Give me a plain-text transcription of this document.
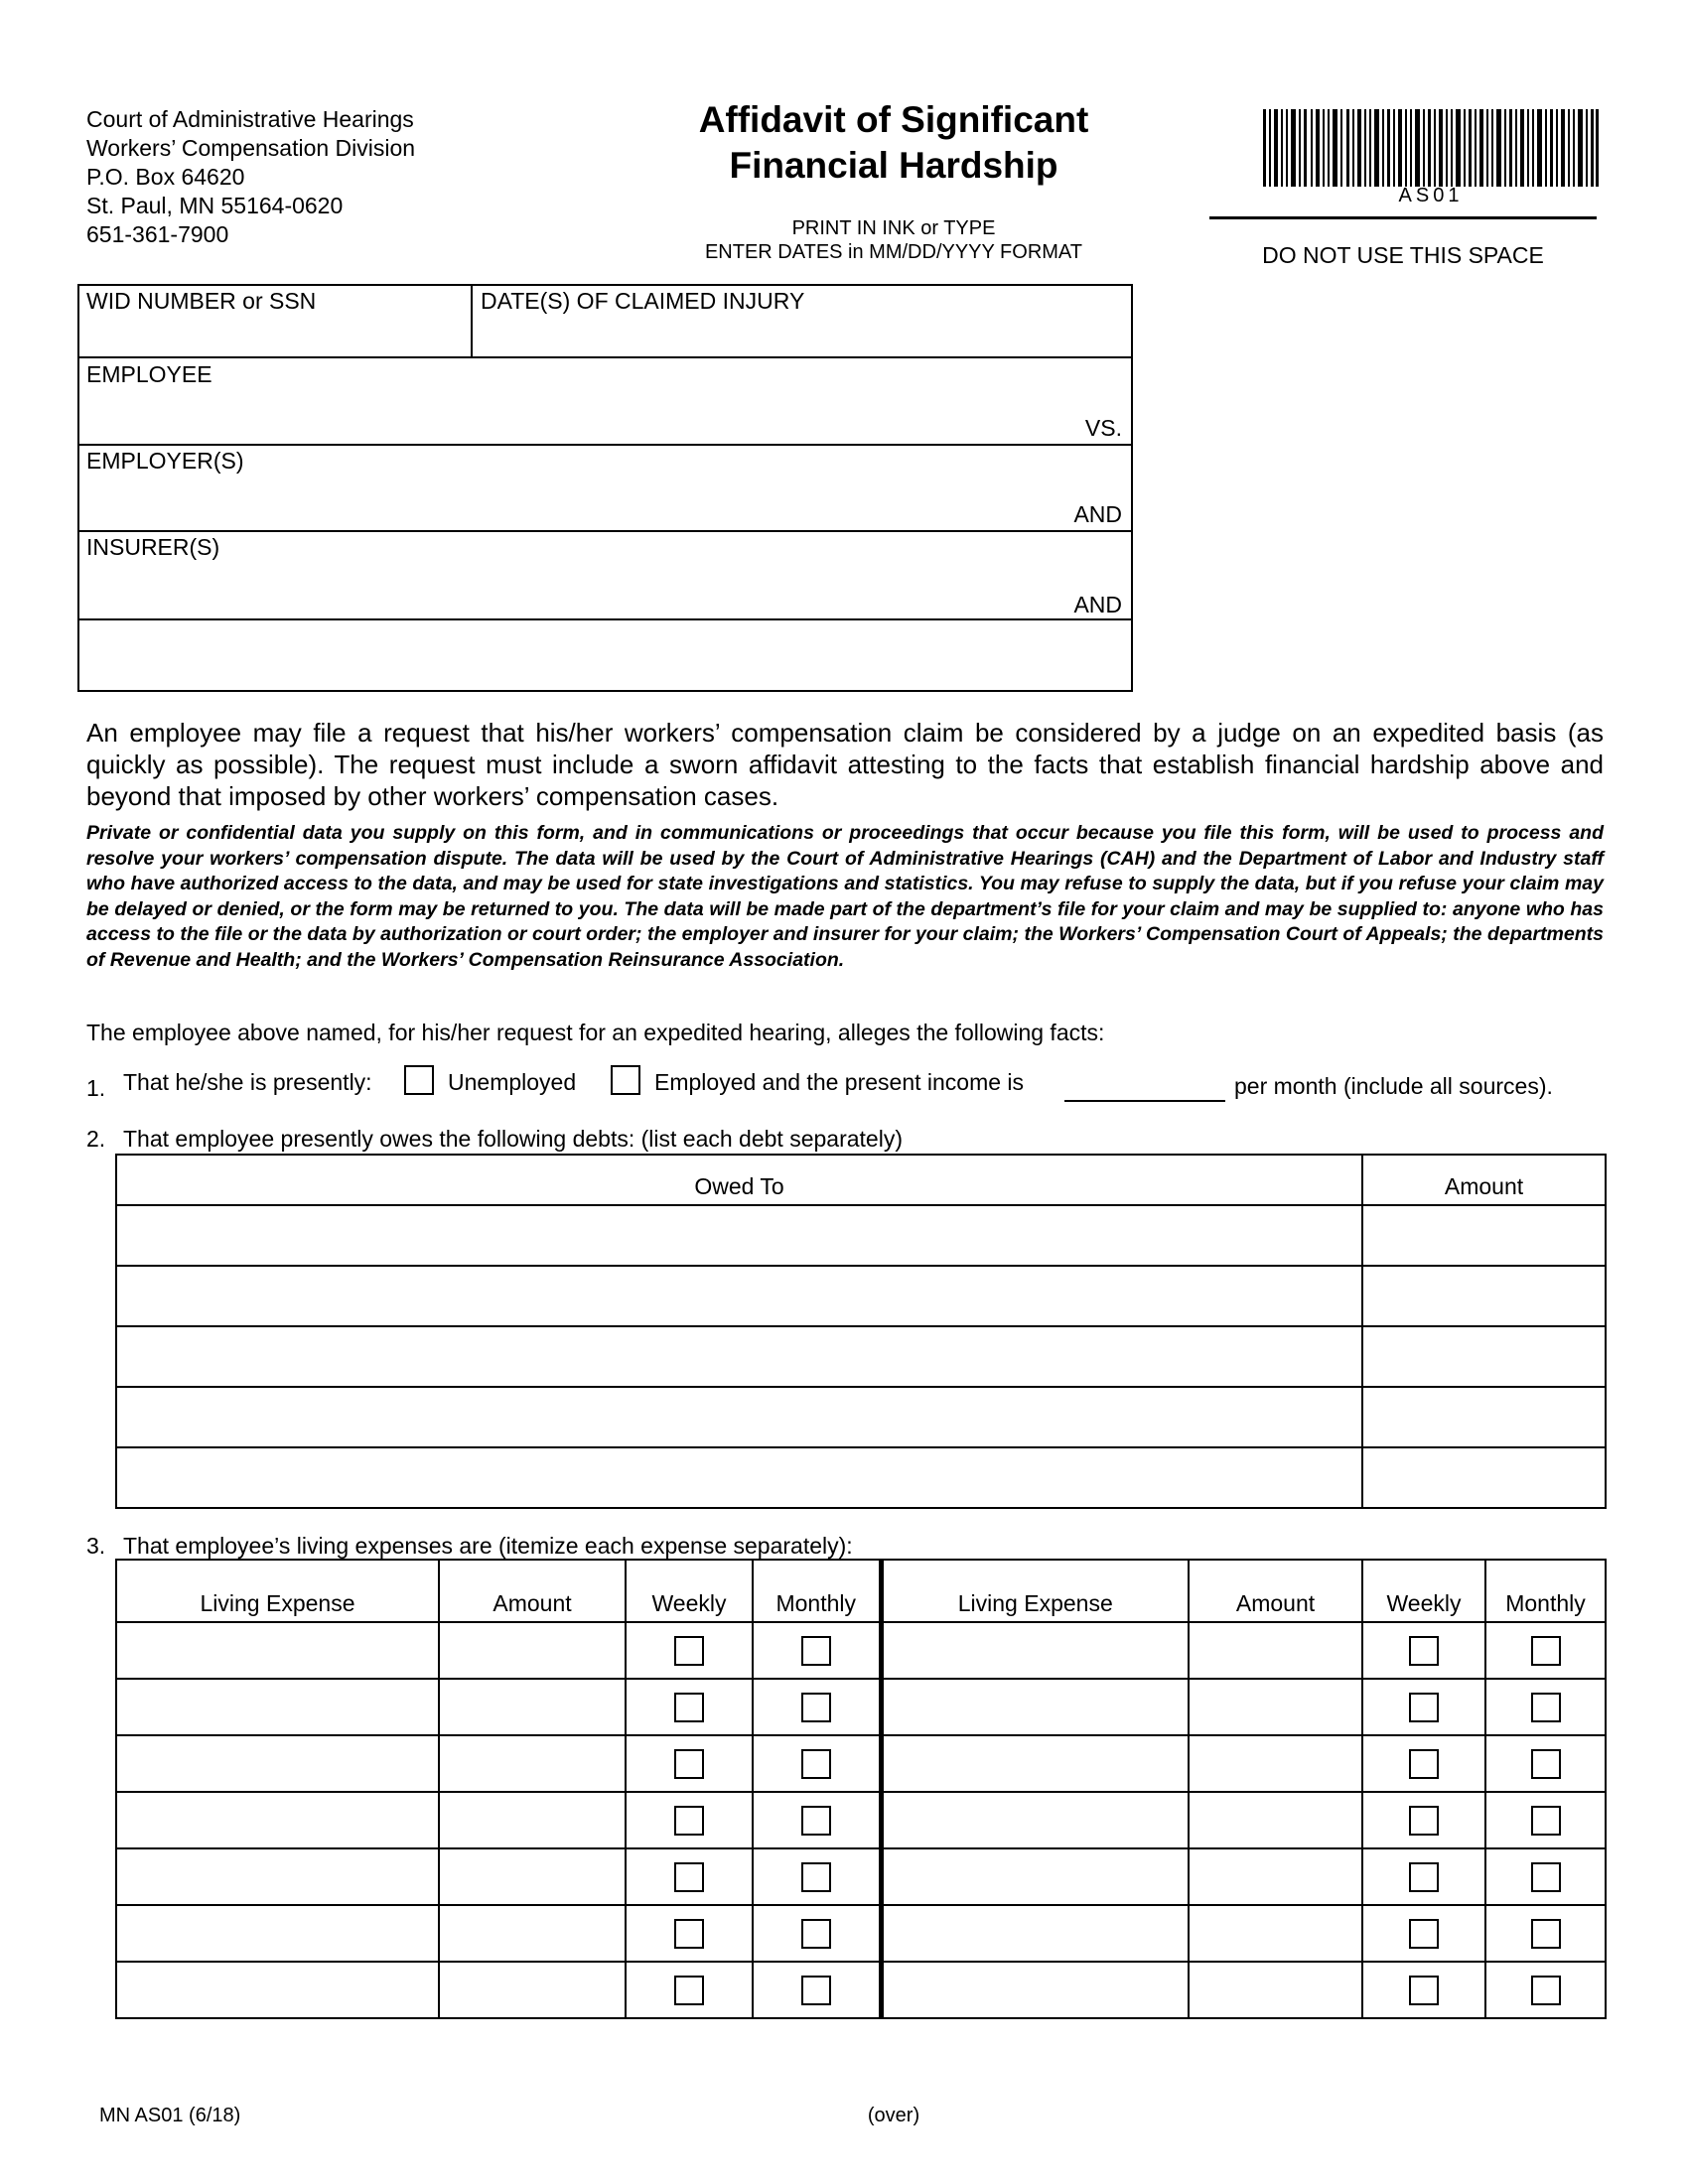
Court of Administrative Hearings
Workers’ Compensation Division
P.O. Box 64620
St. Paul, MN 55164-0620
651-361-7900
Affidavit of Significant
Financial Hardship
PRINT IN INK or TYPE
ENTER DATES in MM/DD/YYYY FORMAT
AS01
DO NOT USE THIS SPACE
WID NUMBER or SSN	DATE(S) OF CLAIMED INJURY
EMPLOYEE
VS.
EMPLOYER(S)
AND
INSURER(S)
AND
An employee may file a request that his/her workers’ compensation claim be considered by a judge on an expedited basis (as quickly as possible). The request must include a sworn affidavit attesting to the facts that establish financial hardship above and beyond that imposed by other workers’ compensation cases.
Private or confidential data you supply on this form, and in communications or proceedings that occur because you file this form, will be used to process and resolve your workers’ compensation dispute. The data will be used by the Court of Administrative Hearings (CAH) and the Department of Labor and Industry staff who have authorized access to the data, and may be used for state investigations and statistics. You may refuse to supply the data, but if you refuse your claim may be delayed or denied, or the form may be returned to you. The data will be made part of the department’s file for your claim and may be supplied to: anyone who has access to the file or the data by authorization or court order; the employer and insurer for your claim; the Workers’ Compensation Court of Appeals; the departments of Revenue and Health; and the Workers’ Compensation Reinsurance Association.
The employee above named, for his/her request for an expedited hearing, alleges the following facts:
1. That he/she is presently:	Unemployed	Employed and the present income is	per month (include all sources).
2. That employee presently owes the following debts: (list each debt separately)
Owed To	Amount

3. That employee’s living expenses are (itemize each expense separately):
Living Expense	Amount	Weekly	Monthly	Living Expense	Amount	Weekly	Monthly

MN AS01 (6/18)	(over)
